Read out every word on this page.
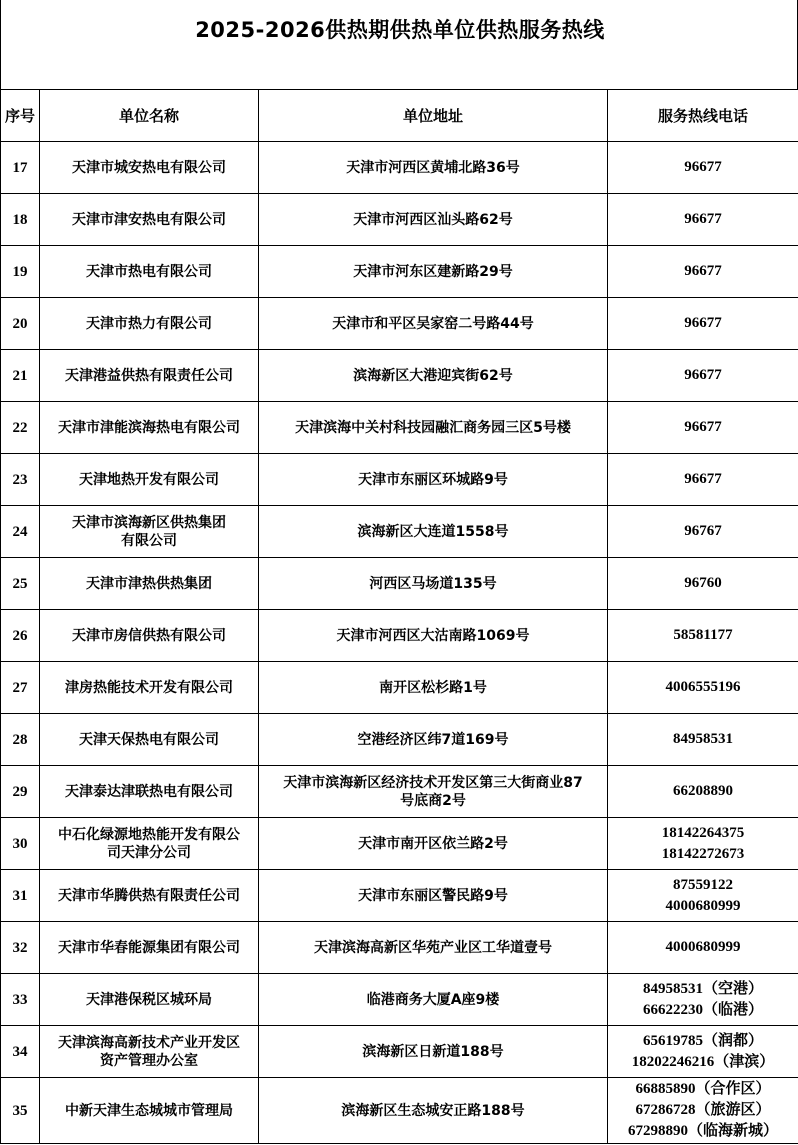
2025-2026供热期供热单位供热服务热线
序号	单位名称	单位地址	服务热线电话
17	天津市城安热电有限公司	天津市河西区黄埔北路36号	96677

18	天津市津安热电有限公司	天津市河西区汕头路62号	96677

19	天津市热电有限公司	天津市河东区建新路29号	96677

20	天津市热力有限公司	天津市和平区吴家窑二号路44号	96677

21	天津港益供热有限责任公司	滨海新区大港迎宾街62号	96677

22	天津市津能滨海热电有限公司	天津滨海中关村科技园融汇商务园三区5号楼	96677

23	天津地热开发有限公司	天津市东丽区环城路9号	96677

24	天津市滨海新区供热集团
有限公司	滨海新区大连道1558号	96767

25	天津市津热供热集团	河西区马场道135号	96760

26	天津市房信供热有限公司	天津市河西区大沽南路1069号	58581177

27	津房热能技术开发有限公司	南开区松杉路1号	4006555196

28	天津天保热电有限公司	空港经济区纬7道169号	84958531

29	天津泰达津联热电有限公司	天津市滨海新区经济技术开发区第三大街商业87
号底商2号	66208890

30	中石化绿源地热能开发有限公
司天津分公司	天津市南开区依兰路2号	18142264375
18142272673

31	天津市华腾供热有限责任公司	天津市东丽区警民路9号	87559122
4000680999

32	天津市华春能源集团有限公司	天津滨海高新区华苑产业区工华道壹号	4000680999

33	天津港保税区城环局	临港商务大厦A座9楼	84958531（空港）
66622230（临港）

34	天津滨海高新技术产业开发区
资产管理办公室	滨海新区日新道188号	65619785（润都）
18202246216（津滨）

35	中新天津生态城城市管理局	滨海新区生态城安正路188号	66885890（合作区）
67286728（旅游区）
67298890（临海新城）
